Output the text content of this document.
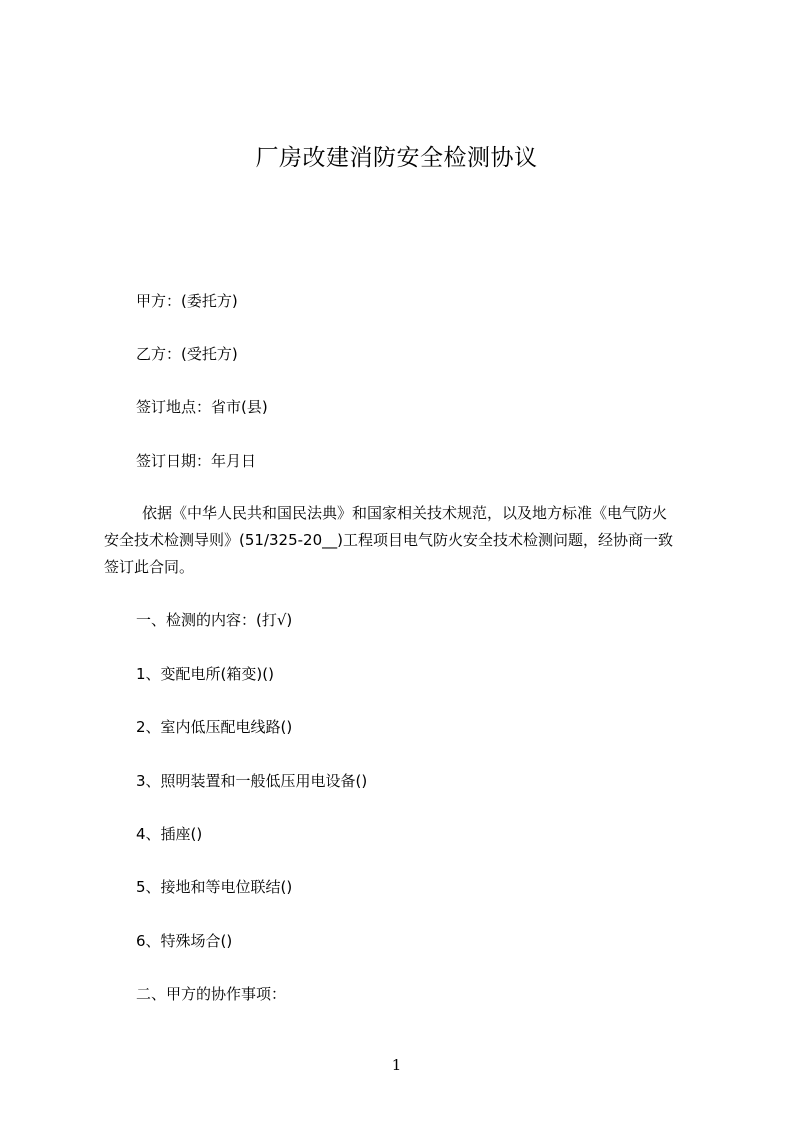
厂房改建消防安全检测协议
甲方：(委托方)
乙方：(受托方)
签订地点：省市(县)
签订日期：年月日
依据《中华人民共和国民法典》和国家相关技术规范，以及地方标准《电气防火
安全技术检测导则》(51/325-20__)工程项目电气防火安全技术检测问题，经协商一致
签订此合同。
一、检测的内容：(打√)
1、变配电所(箱变)()
2、室内低压配电线路()
3、照明装置和一般低压用电设备()
4、插座()
5、接地和等电位联结()
6、特殊场合()
二、甲方的协作事项：
1
